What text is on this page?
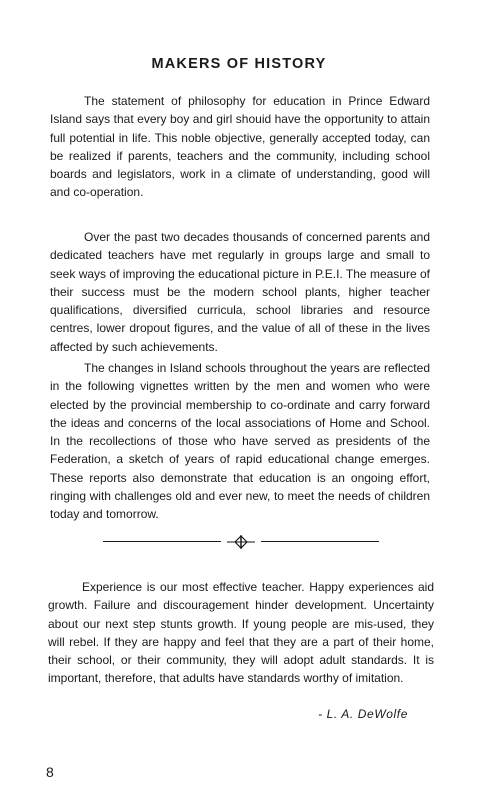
MAKERS OF HISTORY

The statement of philosophy for education in Prince Edward Island says that every boy and girl shouid have the opportunity to attain full potential in life. This noble objective, generally accepted today, can be realized if parents, teachers and the community, including school boards and legislators, work in a climate of understanding, good will and co-operation.

Over the past two decades thousands of concerned parents and dedicated teachers have met regularly in groups large and small to seek ways of improving the educational picture in P.E.I. The measure of their success must be the modern school plants, higher teacher qualifications, diversified curricula, school libraries and resource centres, lower dropout figures, and the value of all of these in the lives affected by such achievements.

The changes in Island schools throughout the years are reflected in the following vignettes written by the men and women who were elected by the provincial membership to co-ordinate and carry forward the ideas and concerns of the local associations of Home and School. In the recollections of those who have served as presidents of the Federation, a sketch of years of rapid educational change emerges. These reports also demonstrate that education is an ongoing effort, ringing with challenges old and ever new, to meet the needs of children today and tomorrow.

Experience is our most effective teacher. Happy experiences aid growth. Failure and discouragement hinder development. Uncertainty about our next step stunts growth. If young people are mis-used, they will rebel. If they are happy and feel that they are a part of their home, their school, or their community, they will adopt adult standards. It is important, therefore, that adults have standards worthy of imitation.

- L. A. DeWolfe
8
